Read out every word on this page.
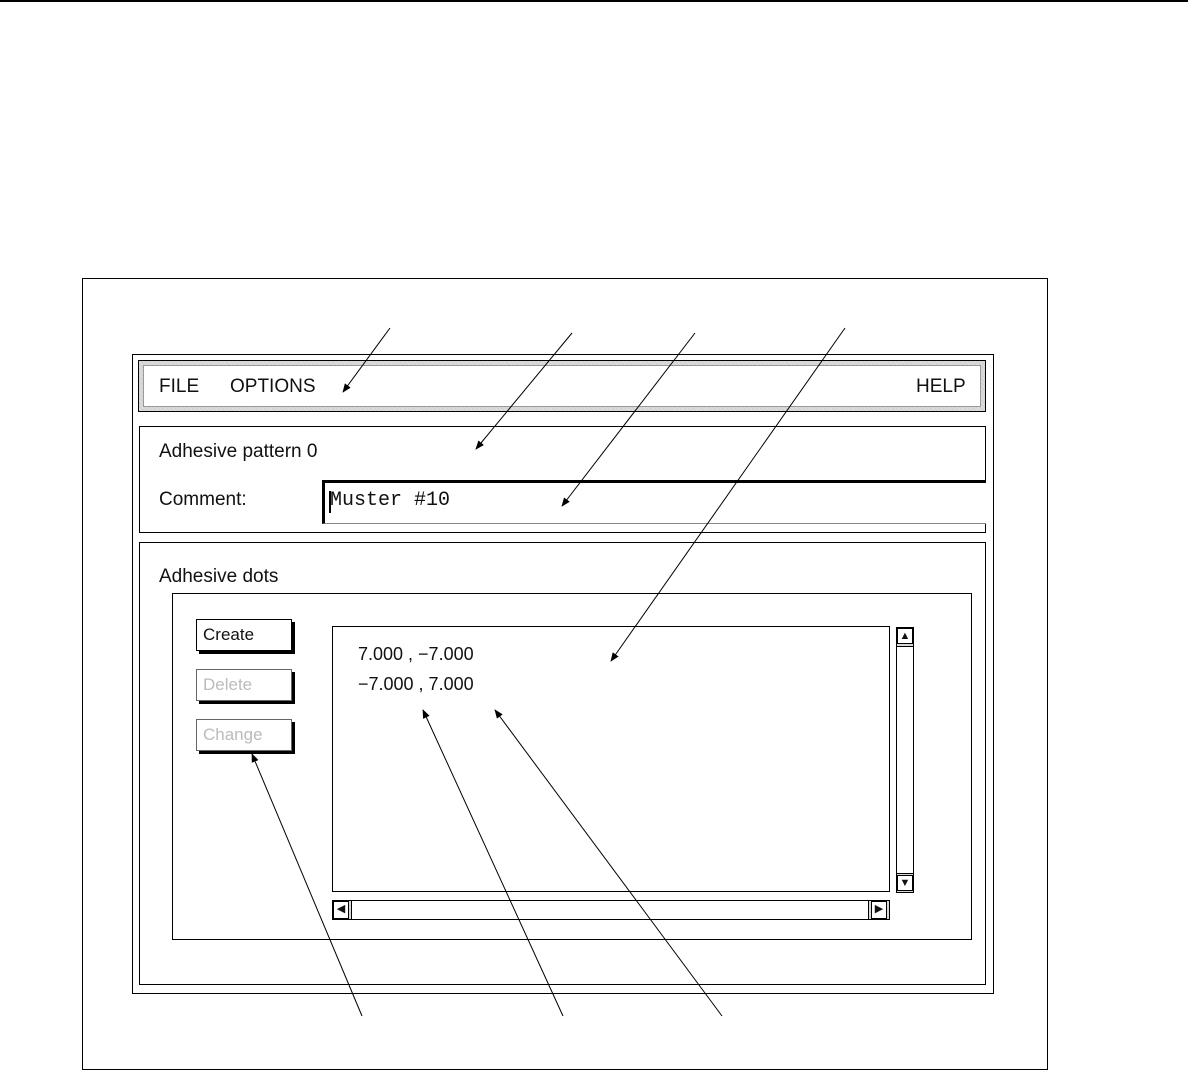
FILE OPTIONS	HELP
Adhesive pattern 0
Comment:	Muster #10
Adhesive dots
Create
Delete
Change
7.000 , −7.000
−7.000 , 7.000
▲
▼
◀	▶
